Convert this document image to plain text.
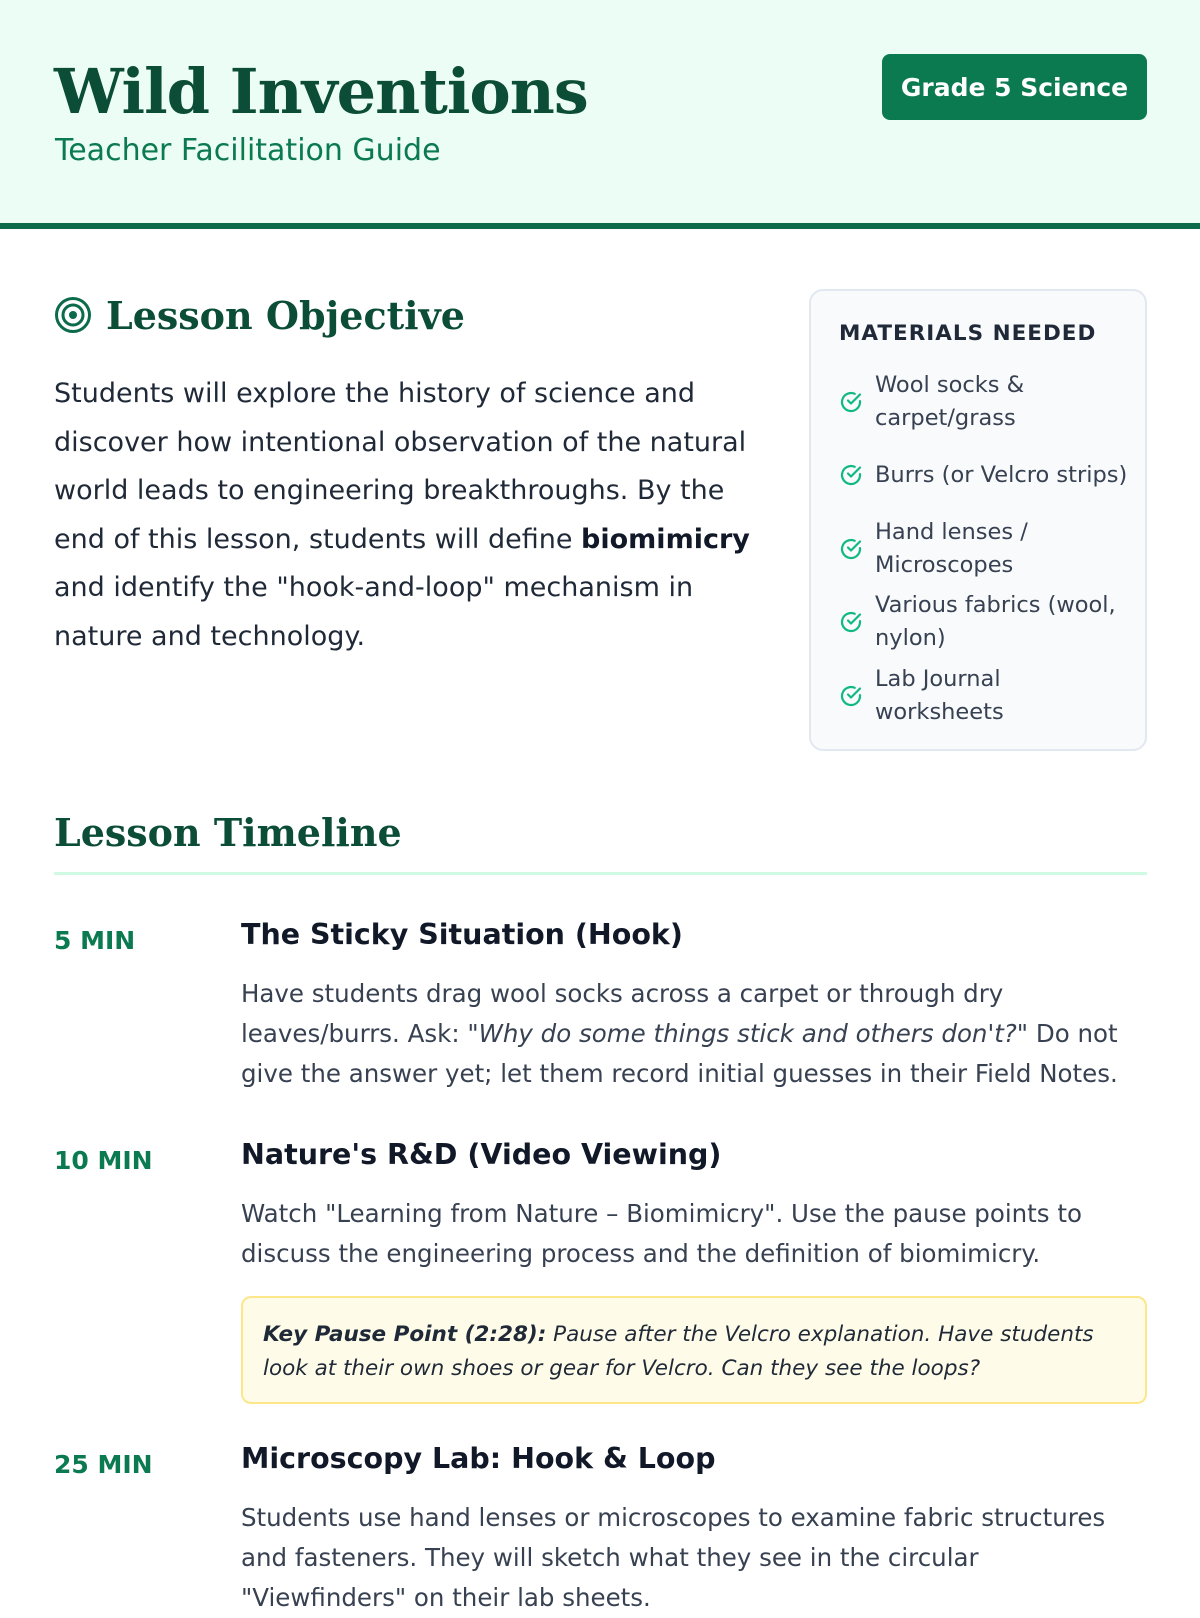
Wild Inventions
Teacher Facilitation Guide
Grade 5 Science
Lesson Objective

Students will explore the history of science and discover how intentional observation of the natural world leads to engineering breakthroughs. By the end of this lesson, students will define biomimicry and identify the "hook-and-loop" mechanism in nature and technology.

MATERIALS NEEDED
Wool socks & carpet/grass
Burrs (or Velcro strips)
Hand lenses / Microscopes
Various fabrics (wool, nylon)
Lab Journal worksheets
Lesson Timeline
5 MIN	The Sticky Situation (Hook)

Have students drag wool socks across a carpet or through dry leaves/burrs. Ask: "Why do some things stick and others don't?" Do not give the answer yet; let them record initial guesses in their Field Notes.

10 MIN	Nature's R&D (Video Viewing)

Watch "Learning from Nature – Biomimicry". Use the pause points to discuss the engineering process and the definition of biomimicry.

Key Pause Point (2:28): Pause after the Velcro explanation. Have students look at their own shoes or gear for Velcro. Can they see the loops?
25 MIN	Microscopy Lab: Hook & Loop

Students use hand lenses or microscopes to examine fabric structures and fasteners. They will sketch what they see in the circular "Viewfinders" on their lab sheets.
